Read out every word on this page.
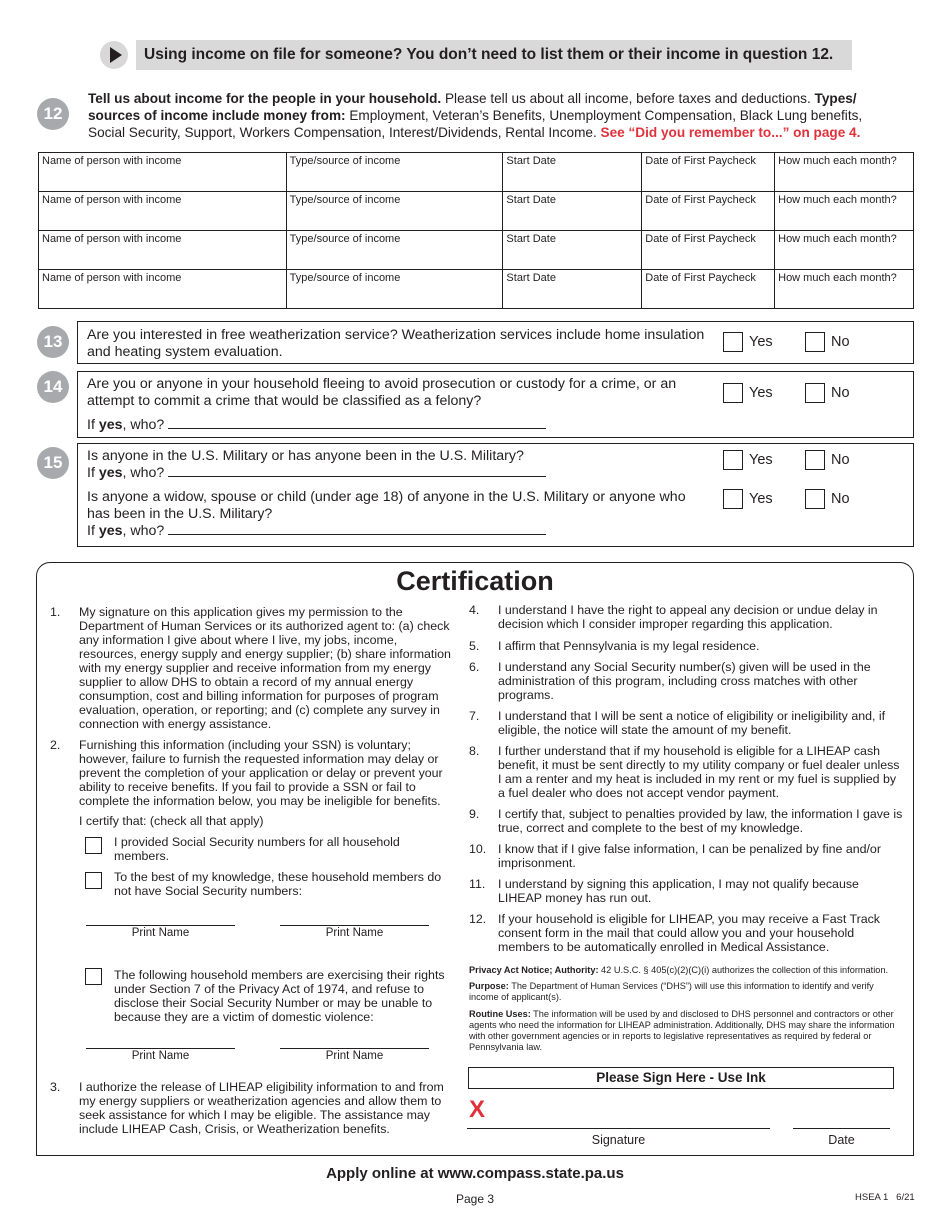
Using income on file for someone? You don’t need to list them or their income in question 12.
12
Tell us about income for the people in your household. Please tell us about all income, before taxes and deductions. Types/ sources of income include money from: Employment, Veteran’s Benefits, Unemployment Compensation, Black Lung benefits, Social Security, Support, Workers Compensation, Interest/Dividends, Rental Income. See “Did you remember to...” on page 4.
Name of person with income	Type/source of income	Start Date	Date of First Paycheck	How much each month?
Name of person with income	Type/source of income	Start Date	Date of First Paycheck	How much each month?
Name of person with income	Type/source of income	Start Date	Date of First Paycheck	How much each month?
Name of person with income	Type/source of income	Start Date	Date of First Paycheck	How much each month?
13	Are you interested in free weatherization service? Weatherization services include home insulation and heating system evaluation.
Yes	No
14	Are you or anyone in your household fleeing to avoid prosecution or custody for a crime, or an attempt to commit a crime that would be classified as a felony?
If yes, who?
Yes	No
15	Is anyone in the U.S. Military or has anyone been in the U.S. Military?
If yes, who?
Yes	No
Is anyone a widow, spouse or child (under age 18) of anyone in the U.S. Military or anyone who has been in the U.S. Military?
If yes, who?
Yes	No
Certification
1. My signature on this application gives my permission to the Department of Human Services or its authorized agent to: (a) check any information I give about where I live, my jobs, income, resources, energy supply and energy supplier; (b) share information with my energy supplier and receive information from my energy supplier to allow DHS to obtain a record of my annual energy consumption, cost and billing information for purposes of program evaluation, operation, or reporting; and (c) complete any survey in connection with energy assistance.
2. Furnishing this information (including your SSN) is voluntary; however, failure to furnish the requested information may delay or prevent the completion of your application or delay or prevent your ability to receive benefits. If you fail to provide a SSN or fail to complete the information below, you may be ineligible for benefits.
I certify that: (check all that apply)
I provided Social Security numbers for all household members.
To the best of my knowledge, these household members do not have Social Security numbers:
Print Name	Print Name
The following household members are exercising their rights under Section 7 of the Privacy Act of 1974, and refuse to disclose their Social Security Number or may be unable to because they are a victim of domestic violence:
Print Name	Print Name
3. I authorize the release of LIHEAP eligibility information to and from my energy suppliers or weatherization agencies and allow them to seek assistance for which I may be eligible. The assistance may include LIHEAP Cash, Crisis, or Weatherization benefits.
4. I understand I have the right to appeal any decision or undue delay in decision which I consider improper regarding this application.
5. I affirm that Pennsylvania is my legal residence.
6. I understand any Social Security number(s) given will be used in the administration of this program, including cross matches with other programs.
7. I understand that I will be sent a notice of eligibility or ineligibility and, if eligible, the notice will state the amount of my benefit.
8. I further understand that if my household is eligible for a LIHEAP cash benefit, it must be sent directly to my utility company or fuel dealer unless I am a renter and my heat is included in my rent or my fuel is supplied by a fuel dealer who does not accept vendor payment.
9. I certify that, subject to penalties provided by law, the information I gave is true, correct and complete to the best of my knowledge.
10. I know that if I give false information, I can be penalized by fine and/or imprisonment.
11. I understand by signing this application, I may not qualify because LIHEAP money has run out.
12. If your household is eligible for LIHEAP, you may receive a Fast Track consent form in the mail that could allow you and your household members to be automatically enrolled in Medical Assistance.
Privacy Act Notice; Authority: 42 U.S.C. § 405(c)(2)(C)(i) authorizes the collection of this information.
Purpose: The Department of Human Services (“DHS”) will use this information to identify and verify income of applicant(s).
Routine Uses: The information will be used by and disclosed to DHS personnel and contractors or other agents who need the information for LIHEAP administration. Additionally, DHS may share the information with other government agencies or in reports to legislative representatives as required by federal or Pennsylvania law.
Please Sign Here - Use Ink
X
Signature	Date
Apply online at www.compass.state.pa.us
Page 3	HSEA 1   6/21
